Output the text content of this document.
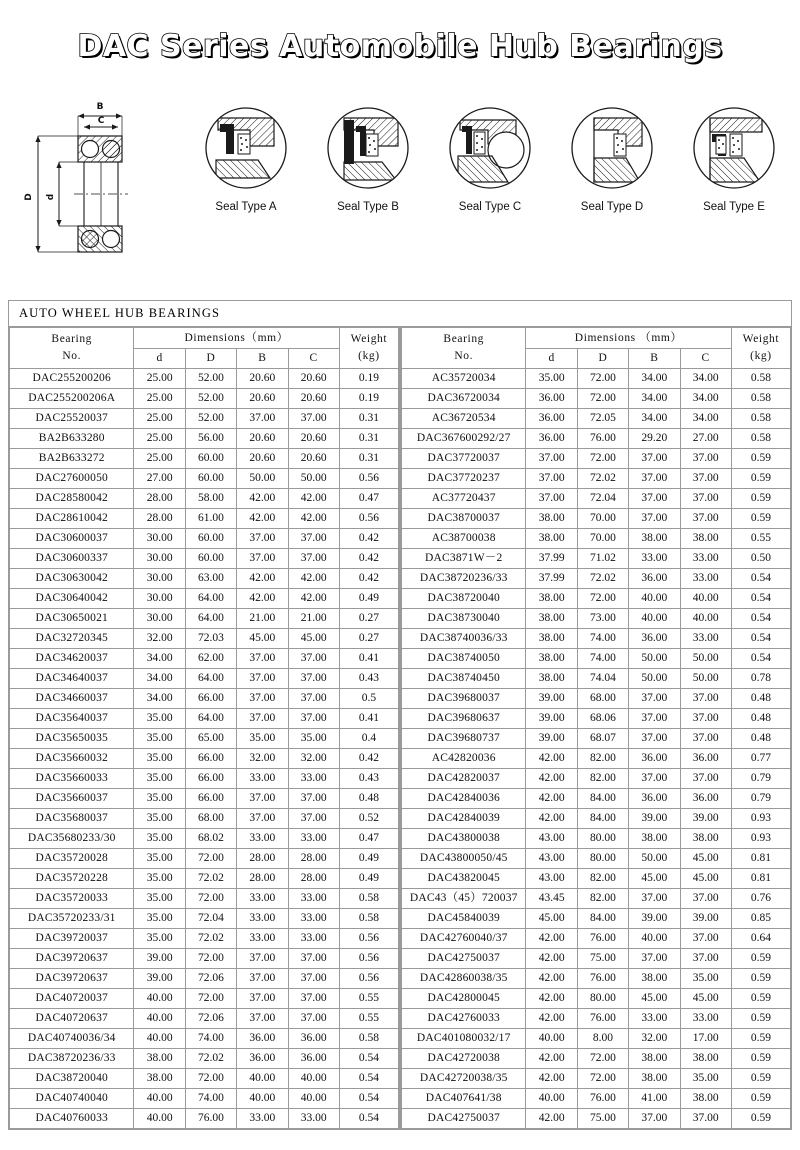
DAC Series Automobile Hub Bearings
B
C
D d
Seal Type A	Seal Type B	Seal Type C	Seal Type D	Seal Type E
AUTO WHEEL HUB BEARINGS
Bearing
No.
	Dimensions（mm）	Weight
(kg)

	d	D	B	C	
DAC255200206	25.00	52.00	20.60	20.60	0.19
DAC255200206A	25.00	52.00	20.60	20.60	0.19
DAC25520037	25.00	52.00	37.00	37.00	0.31
BA2B633280	25.00	56.00	20.60	20.60	0.31
BA2B633272	25.00	60.00	20.60	20.60	0.31
DAC27600050	27.00	60.00	50.00	50.00	0.56
DAC28580042	28.00	58.00	42.00	42.00	0.47
DAC28610042	28.00	61.00	42.00	42.00	0.56
DAC30600037	30.00	60.00	37.00	37.00	0.42
DAC30600337	30.00	60.00	37.00	37.00	0.42
DAC30630042	30.00	63.00	42.00	42.00	0.42
DAC30640042	30.00	64.00	42.00	42.00	0.49
DAC30650021	30.00	64.00	21.00	21.00	0.27
DAC32720345	32.00	72.03	45.00	45.00	0.27
DAC34620037	34.00	62.00	37.00	37.00	0.41
DAC34640037	34.00	64.00	37.00	37.00	0.43
DAC34660037	34.00	66.00	37.00	37.00	0.5
DAC35640037	35.00	64.00	37.00	37.00	0.41
DAC35650035	35.00	65.00	35.00	35.00	0.4
DAC35660032	35.00	66.00	32.00	32.00	0.42
DAC35660033	35.00	66.00	33.00	33.00	0.43
DAC35660037	35.00	66.00	37.00	37.00	0.48
DAC35680037	35.00	68.00	37.00	37.00	0.52
DAC35680233/30	35.00	68.02	33.00	33.00	0.47
DAC35720028	35.00	72.00	28.00	28.00	0.49
DAC35720228	35.00	72.02	28.00	28.00	0.49
DAC35720033	35.00	72.00	33.00	33.00	0.58
DAC35720233/31	35.00	72.04	33.00	33.00	0.58
DAC39720037	35.00	72.02	33.00	33.00	0.56
DAC39720637	39.00	72.00	37.00	37.00	0.56
DAC39720637	39.00	72.06	37.00	37.00	0.56
DAC40720037	40.00	72.00	37.00	37.00	0.55
DAC40720637	40.00	72.06	37.00	37.00	0.55
DAC40740036/34	40.00	74.00	36.00	36.00	0.58
DAC38720236/33	38.00	72.02	36.00	36.00	0.54
DAC38720040	38.00	72.00	40.00	40.00	0.54
DAC40740040	40.00	74.00	40.00	40.00	0.54
DAC40760033	40.00	76.00	33.00	33.00	0.54
Bearing
No.
	Dimensions （mm）	Weight
(kg)

	d	D	B	C	
AC35720034	35.00	72.00	34.00	34.00	0.58
DAC36720034	36.00	72.00	34.00	34.00	0.58
AC36720534	36.00	72.05	34.00	34.00	0.58
DAC367600292/27	36.00	76.00	29.20	27.00	0.58
DAC37720037	37.00	72.00	37.00	37.00	0.59
DAC37720237	37.00	72.02	37.00	37.00	0.59
AC37720437	37.00	72.04	37.00	37.00	0.59
DAC38700037	38.00	70.00	37.00	37.00	0.59
AC38700038	38.00	70.00	38.00	38.00	0.55
DAC3871W－2	37.99	71.02	33.00	33.00	0.50
DAC38720236/33	37.99	72.02	36.00	33.00	0.54
DAC38720040	38.00	72.00	40.00	40.00	0.54
DAC38730040	38.00	73.00	40.00	40.00	0.54
DAC38740036/33	38.00	74.00	36.00	33.00	0.54
DAC38740050	38.00	74.00	50.00	50.00	0.54
DAC38740450	38.00	74.04	50.00	50.00	0.78
DAC39680037	39.00	68.00	37.00	37.00	0.48
DAC39680637	39.00	68.06	37.00	37.00	0.48
DAC39680737	39.00	68.07	37.00	37.00	0.48
AC42820036	42.00	82.00	36.00	36.00	0.77
DAC42820037	42.00	82.00	37.00	37.00	0.79
DAC42840036	42.00	84.00	36.00	36.00	0.79
DAC42840039	42.00	84.00	39.00	39.00	0.93
DAC43800038	43.00	80.00	38.00	38.00	0.93
DAC43800050/45	43.00	80.00	50.00	45.00	0.81
DAC43820045	43.00	82.00	45.00	45.00	0.81
DAC43（45）720037	43.45	82.00	37.00	37.00	0.76
DAC45840039	45.00	84.00	39.00	39.00	0.85
DAC42760040/37	42.00	76.00	40.00	37.00	0.64
DAC42750037	42.00	75.00	37.00	37.00	0.59
DAC42860038/35	42.00	76.00	38.00	35.00	0.59
DAC42800045	42.00	80.00	45.00	45.00	0.59
DAC42760033	42.00	76.00	33.00	33.00	0.59
DAC401080032/17	40.00	8.00	32.00	17.00	0.59
DAC42720038	42.00	72.00	38.00	38.00	0.59
DAC42720038/35	42.00	72.00	38.00	35.00	0.59
DAC407641/38	40.00	76.00	41.00	38.00	0.59
DAC42750037	42.00	75.00	37.00	37.00	0.59
